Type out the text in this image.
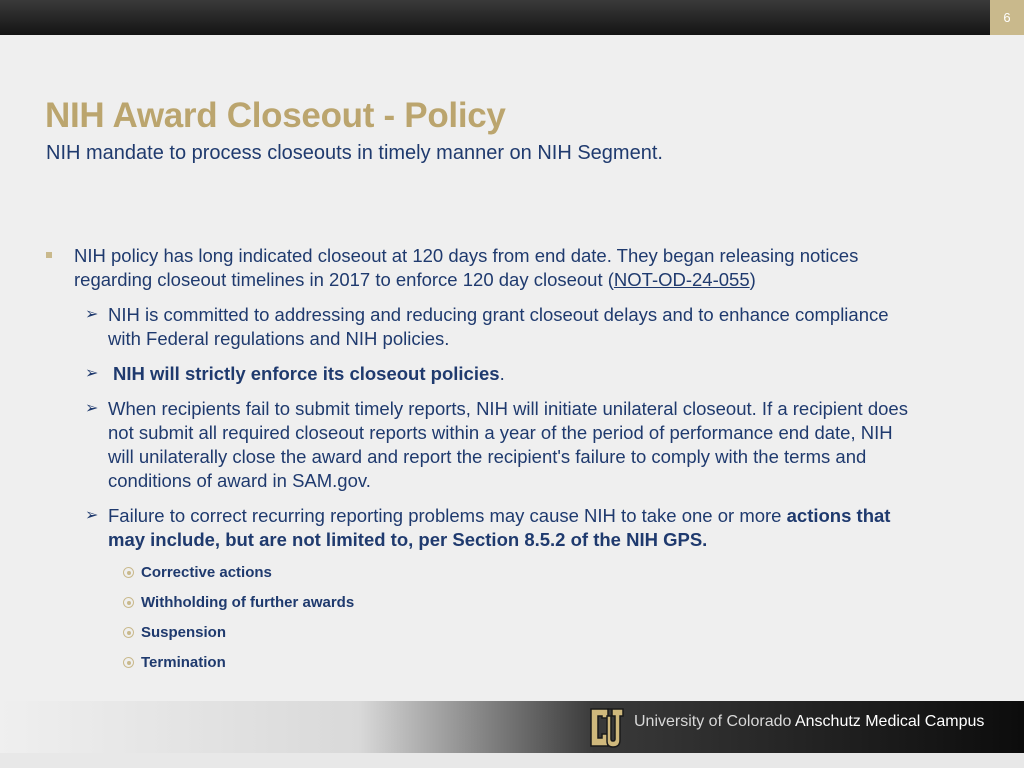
6
NIH Award Closeout - Policy
NIH mandate to process closeouts in timely manner on NIH Segment.
NIH policy has long indicated closeout at 120 days from end date. They began releasing notices
regarding closeout timelines in 2017 to enforce 120 day closeout (NOT-OD-24-055)
➢ NIH is committed to addressing and reducing grant closeout delays and to enhance compliance
with Federal regulations and NIH policies.
➢ NIH will strictly enforce its closeout policies.
➢ When recipients fail to submit timely reports, NIH will initiate unilateral closeout. If a recipient does
not submit all required closeout reports within a year of the period of performance end date, NIH
will unilaterally close the award and report the recipient's failure to comply with the terms and
conditions of award in SAM.gov.
➢ Failure to correct recurring reporting problems may cause NIH to take one or more actions that
may include, but are not limited to, per Section 8.5.2 of the NIH GPS.
Corrective actions
Withholding of further awards
Suspension
Termination
University of Colorado Anschutz Medical Campus
